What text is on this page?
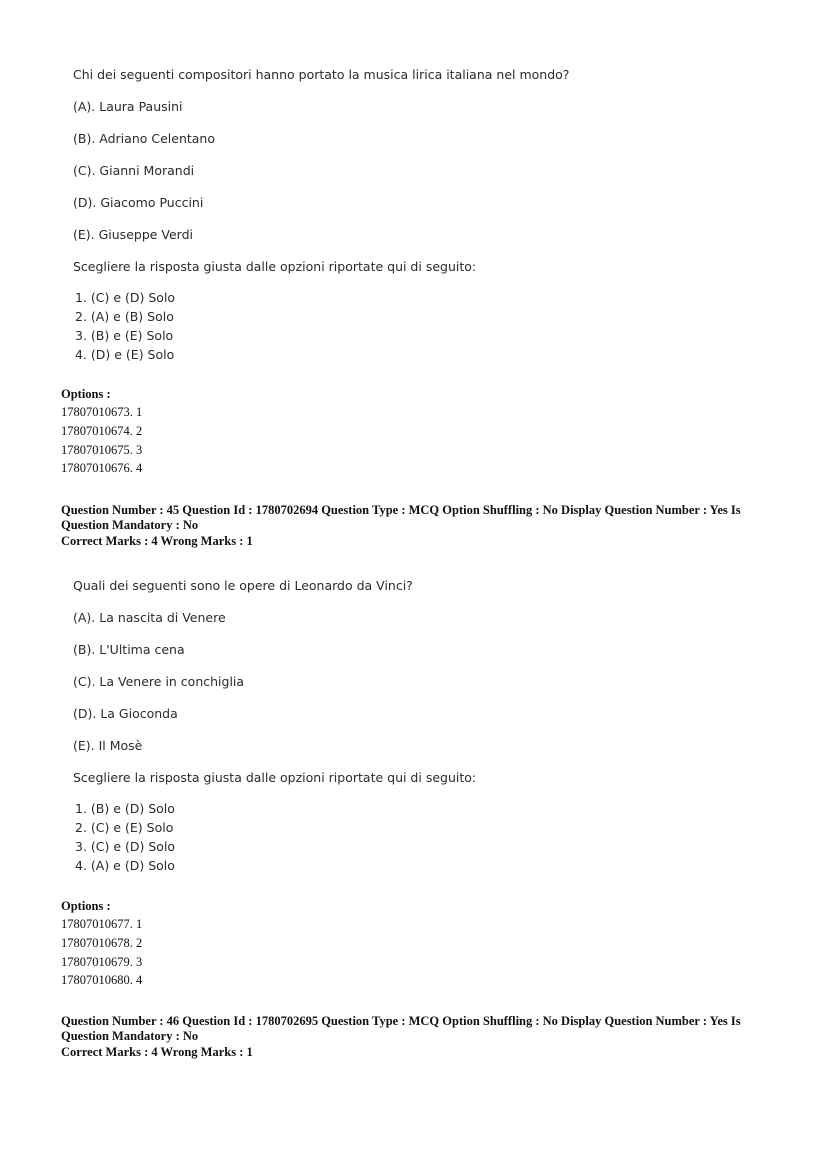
Chi dei seguenti compositori hanno portato la musica lirica italiana nel mondo?
(A). Laura Pausini
(B). Adriano Celentano
(C). Gianni Morandi
(D). Giacomo Puccini
(E). Giuseppe Verdi
Scegliere la risposta giusta dalle opzioni riportate qui di seguito:
1. (C) e (D) Solo
2. (A) e (B) Solo
3. (B) e (E) Solo
4. (D) e (E) Solo
Options :
17807010673. 1
17807010674. 2
17807010675. 3
17807010676. 4
Question Number : 45 Question Id : 1780702694 Question Type : MCQ Option Shuffling : No Display Question Number : Yes Is
Question Mandatory : No
Correct Marks : 4 Wrong Marks : 1
Quali dei seguenti sono le opere di Leonardo da Vinci?
(A). La nascita di Venere
(B). L'Ultima cena
(C). La Venere in conchiglia
(D). La Gioconda
(E). Il Mosè
Scegliere la risposta giusta dalle opzioni riportate qui di seguito:
1. (B) e (D) Solo
2. (C) e (E) Solo
3. (C) e (D) Solo
4. (A) e (D) Solo
Options :
17807010677. 1
17807010678. 2
17807010679. 3
17807010680. 4
Question Number : 46 Question Id : 1780702695 Question Type : MCQ Option Shuffling : No Display Question Number : Yes Is
Question Mandatory : No
Correct Marks : 4 Wrong Marks : 1
